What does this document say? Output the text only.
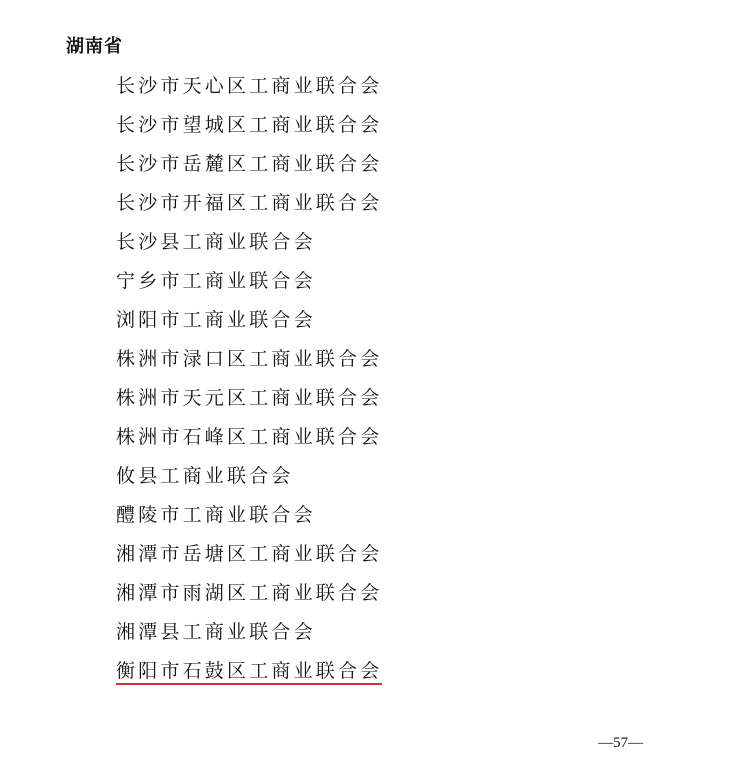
湖南省
长沙市天心区工商业联合会
长沙市望城区工商业联合会
长沙市岳麓区工商业联合会
长沙市开福区工商业联合会
长沙县工商业联合会
宁乡市工商业联合会
浏阳市工商业联合会
株洲市渌口区工商业联合会
株洲市天元区工商业联合会
株洲市石峰区工商业联合会
攸县工商业联合会
醴陵市工商业联合会
湘潭市岳塘区工商业联合会
湘潭市雨湖区工商业联合会
湘潭县工商业联合会
衡阳市石鼓区工商业联合会
—57—
